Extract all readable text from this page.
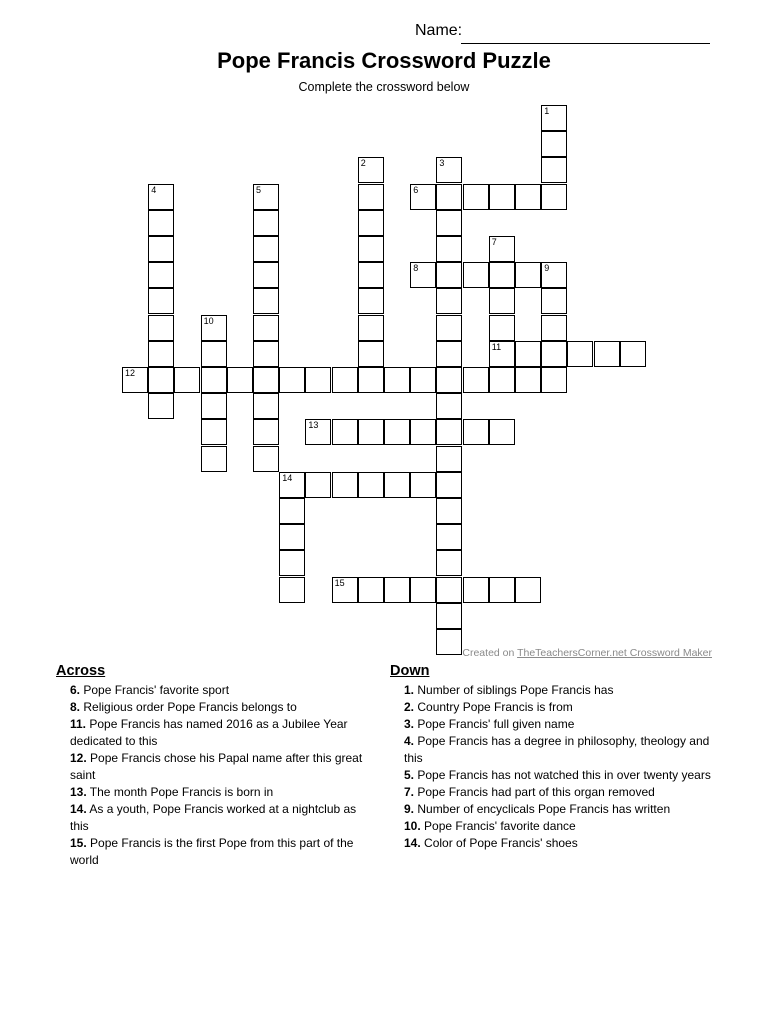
Name:
Pope Francis Crossword Puzzle
Complete the crossword below
1
2	3
4	5	6
7
8	9
10
11
12
13
14
15
Created on TheTeachersCorner.net Crossword Maker
Across
6. Pope Francis' favorite sport
8. Religious order Pope Francis belongs to
11. Pope Francis has named 2016 as a Jubilee Year dedicated to this
12. Pope Francis chose his Papal name after this great saint
13. The month Pope Francis is born in
14. As a youth, Pope Francis worked at a nightclub as this
15. Pope Francis is the first Pope from this part of the world
Down
1. Number of siblings Pope Francis has
2. Country Pope Francis is from
3. Pope Francis' full given name
4. Pope Francis has a degree in philosophy, theology and this
5. Pope Francis has not watched this in over twenty years
7. Pope Francis had part of this organ removed
9. Number of encyclicals Pope Francis has written
10. Pope Francis' favorite dance
14. Color of Pope Francis' shoes
